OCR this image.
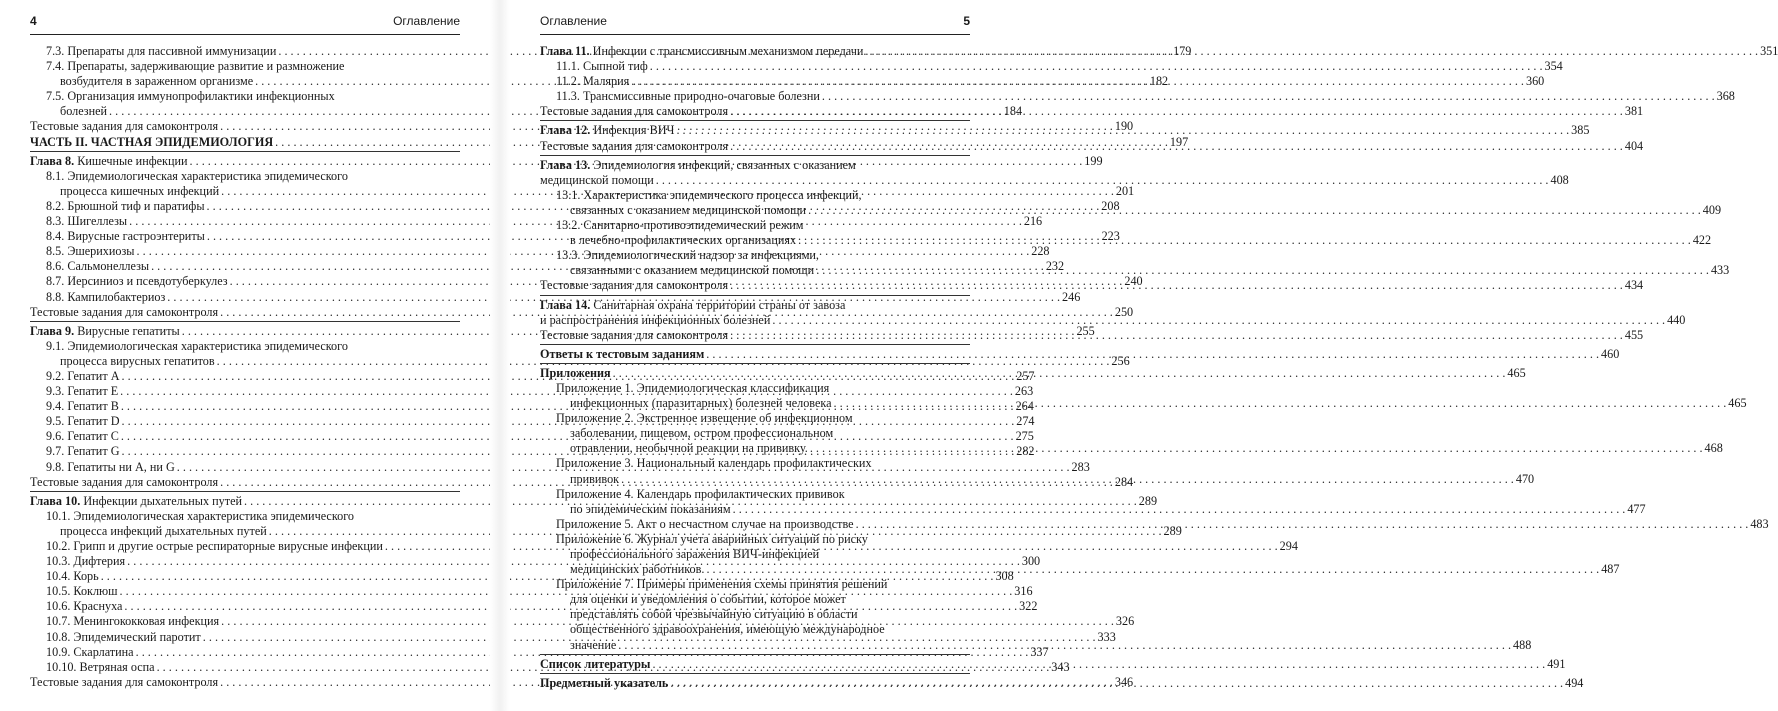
4	Оглавление
7.3. Препараты для пассивной иммунизации . . .	179
7.4. Препараты, задерживающие развитие и размножение
возбудителя в зараженном организме . . .	182
7.5. Организация иммунопрофилактики инфекционных
болезней . . .	184
Тестовые задания для самоконтроля . . .	190
ЧАСТЬ II. ЧАСТНАЯ ЭПИДЕМИОЛОГИЯ . . .	197
Глава 8.
Кишечные инфекции . . .	199
8.1. Эпидемиологическая характеристика эпидемического
процесса кишечных инфекций . . .	201
8.2. Брюшной тиф и паратифы . . .	208
8.3. Шигеллезы . . .	216
8.4. Вирусные гастроэнтериты . . .	223
8.5. Эшерихиозы . . .	228
8.6. Сальмонеллезы . . .	232
8.7. Иерсиниоз и псевдотуберкулез . . .	240
8.8. Кампилобактериоз . . .	246
Тестовые задания для самоконтроля . . .	250
Глава 9.
Вирусные гепатиты . . .	255
9.1. Эпидемиологическая характеристика эпидемического
процесса вирусных гепатитов . . .	256
9.2. Гепатит А . . .	257
9.3. Гепатит Е . . .	263
9.4. Гепатит В . . .	264
9.5. Гепатит D . . .	274
9.6. Гепатит С . . .	275
9.7. Гепатит G . . .	282
9.8. Гепатиты ни А, ни G . . .	283
Тестовые задания для самоконтроля . . .	284
Глава 10.
Инфекции дыхательных путей . . .	289
10.1. Эпидемиологическая характеристика эпидемического
процесса инфекций дыхательных путей . . .	289
10.2. Грипп и другие острые респираторные вирусные инфекции . . .	294
10.3. Дифтерия . . .	300
10.4. Корь . . .	308
10.5. Коклюш . . .	316
10.6. Краснуха . . .	322
10.7. Менингококковая инфекция . . .	326
10.8. Эпидемический паротит . . .	333
10.9. Скарлатина . . .	337
10.10. Ветряная оспа . . .	343
Тестовые задания для самоконтроля . . .	346
Оглавление	5
Глава 11.
Инфекции с трансмиссивным механизмом передачи . . .	351
11.1. Сыпной тиф . . .	354
11.2. Малярия . . .	360
11.3. Трансмиссивные природно-очаговые болезни . . .	368
Тестовые задания для самоконтроля . . .	381
Глава 12.
Инфекция ВИЧ . . .	385
Тестовые задания для самоконтроля . . .	404
Глава 13. Эпидемиология инфекций, связанных с оказанием
медицинской помощи . . .	408
13.1. Характеристика эпидемического процесса инфекций,
связанных с оказанием медицинской помощи . . .	409
13.2. Санитарно-противоэпидемический режим
в лечебно-профилактических организациях . . .	422
13.3. Эпидемиологический надзор за инфекциями,
связанными с оказанием медицинской помощи . . .	433
Тестовые задания для самоконтроля . . .	434
Глава 14. Санитарная охрана территории страны от завоза
и распространения инфекционных болезней . . .	440
Тестовые задания для самоконтроля . . .	455
Ответы к тестовым заданиям . . .	460
Приложения . . .	465
Приложение 1. Эпидемиологическая классификация
инфекционных (паразитарных) болезней человека . . .	465
Приложение 2. Экстренное извещение об инфекционном
заболевании, пищевом, остром профессиональном
отравлении, необычной реакции на прививку. . . .	468
Приложение 3. Национальный календарь профилактических
прививок . . .	470
Приложение 4. Календарь профилактических прививок
по эпидемическим показаниям . . .	477
Приложение 5. Акт о несчастном случае на производстве . . .	483
Приложение 6. Журнал учета аварийных ситуаций по риску
профессионального заражения ВИЧ-инфекцией
медицинских работников. . . .	487
Приложение 7. Примеры применения схемы принятия решений
для оценки и уведомления о событии, которое может
представлять собой чрезвычайную ситуацию в области
общественного здравоохранения, имеющую международное
значение . . .	488
Список литературы . . .	491
Предметный указатель . . .	494
